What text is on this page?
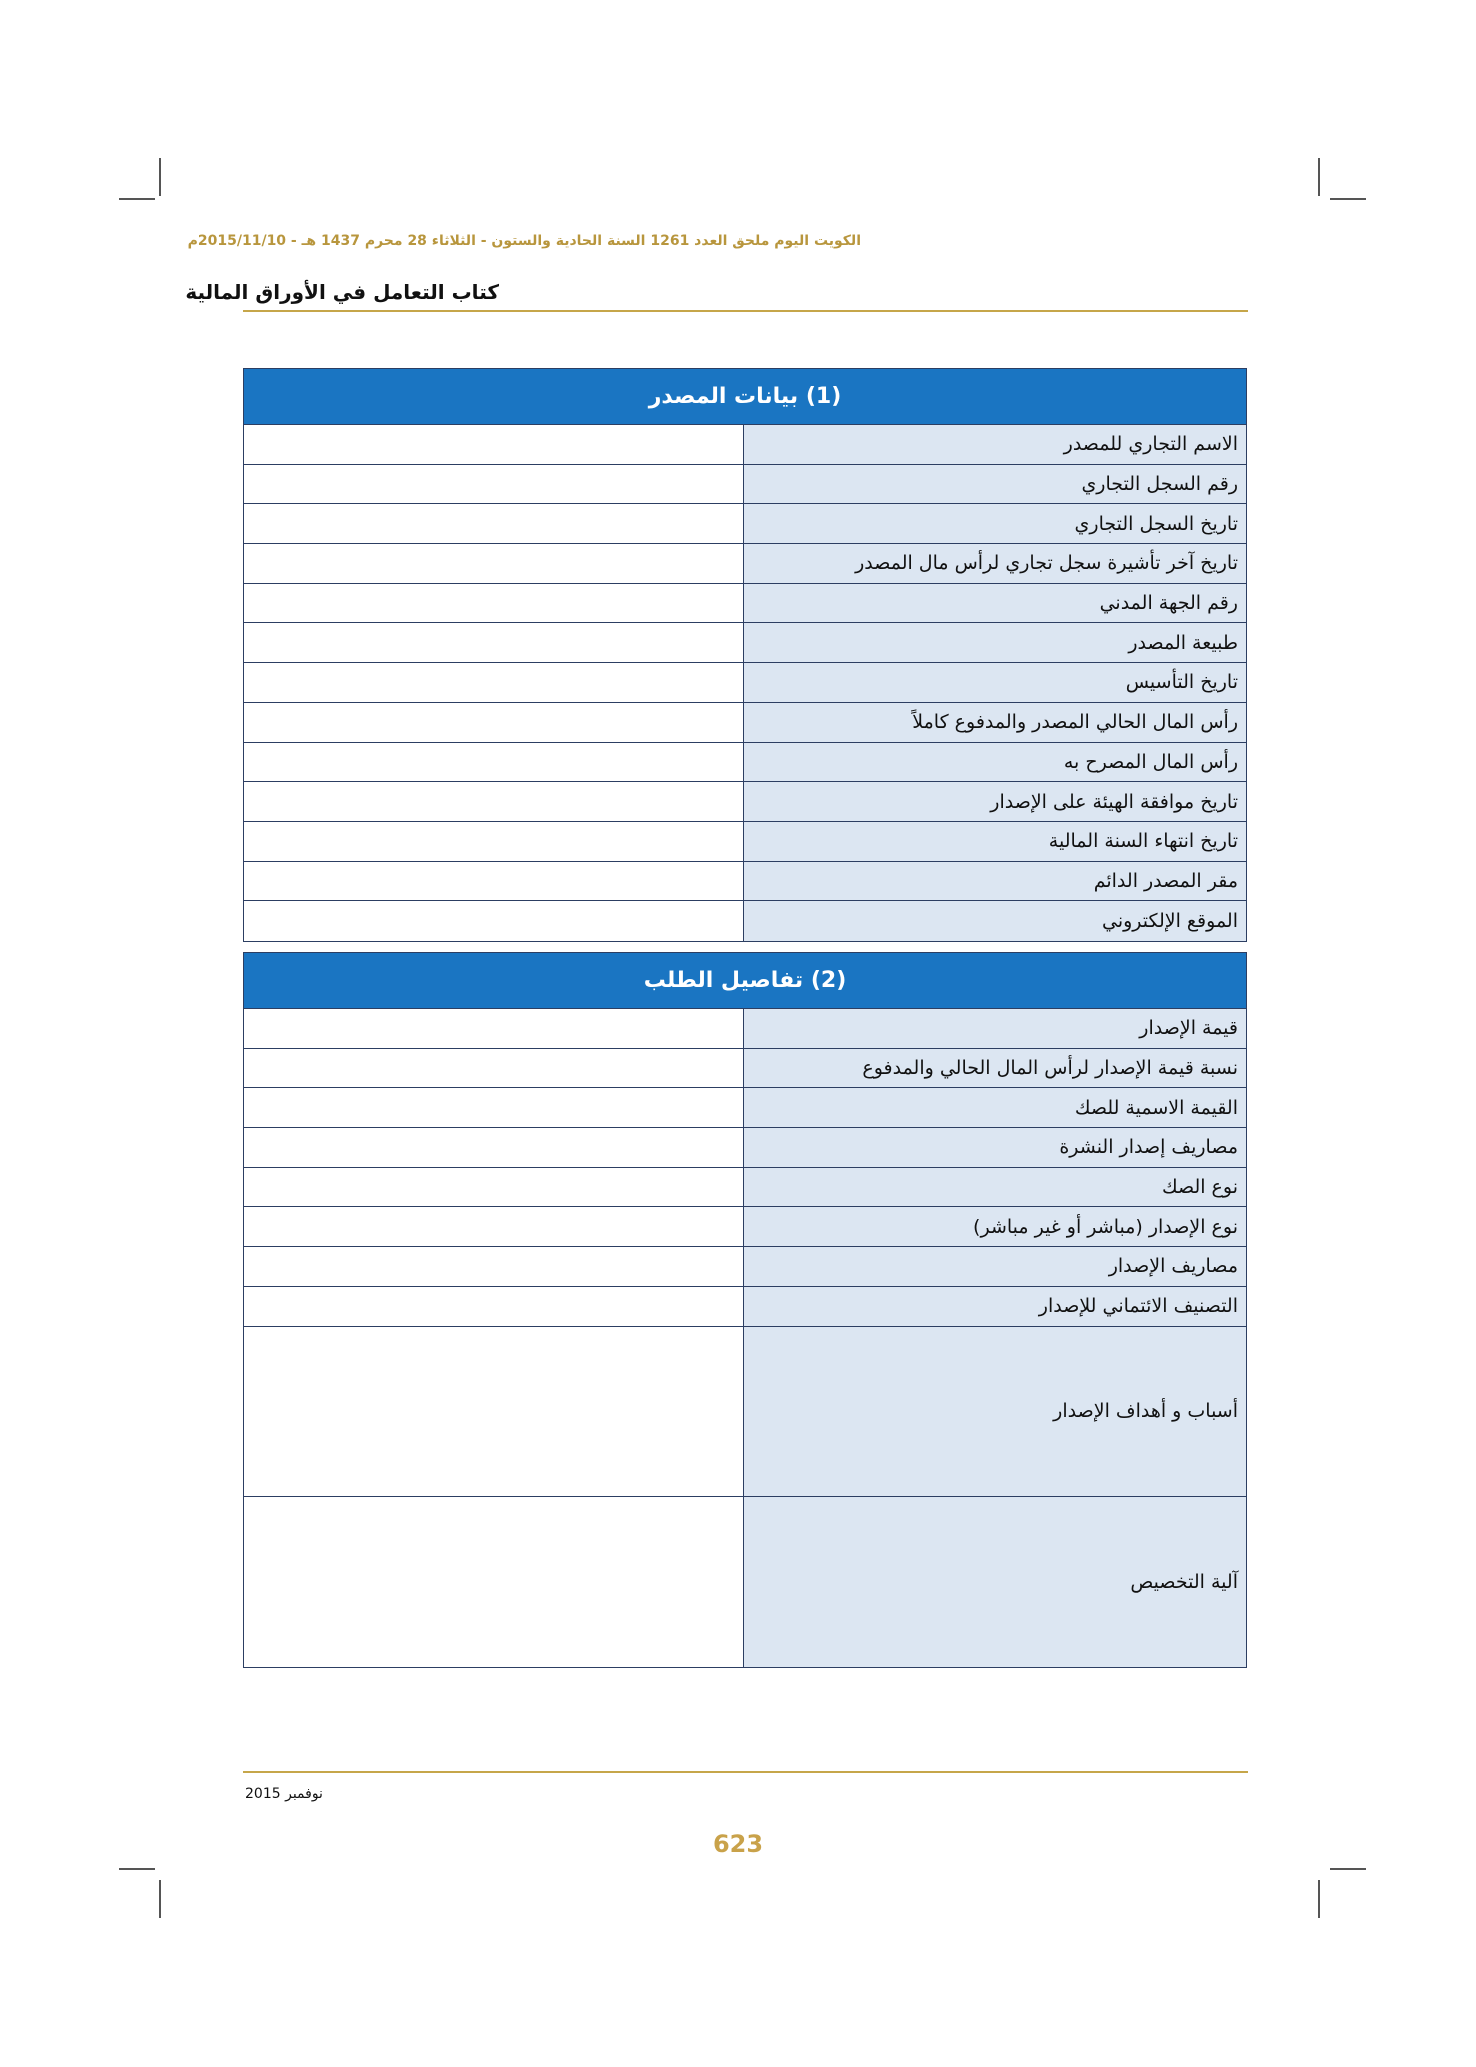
الكويت اليوم ملحق العدد 1261 السنة الحادية والستون - الثلاثاء 28 محرم 1437 هـ - 2015/11/10م
كتاب التعامل في الأوراق المالية
(1) بيانات المصدر
الاسم التجاري للمصدر
رقم السجل التجاري
تاريخ السجل التجاري
تاريخ آخر تأشيرة سجل تجاري لرأس مال المصدر
رقم الجهة المدني
طبيعة المصدر
تاريخ التأسيس
رأس المال الحالي المصدر والمدفوع كاملاً
رأس المال المصرح به
تاريخ موافقة الهيئة على الإصدار
تاريخ انتهاء السنة المالية
مقر المصدر الدائم
الموقع الإلكتروني
(2) تفاصيل الطلب
قيمة الإصدار
نسبة قيمة الإصدار لرأس المال الحالي والمدفوع
القيمة الاسمية للصك
مصاريف إصدار النشرة
نوع الصك
نوع الإصدار (مباشر أو غير مباشر)
مصاريف الإصدار
التصنيف الائتماني للإصدار
أسباب و أهداف الإصدار
آلية التخصيص
نوفمبر 2015
623
